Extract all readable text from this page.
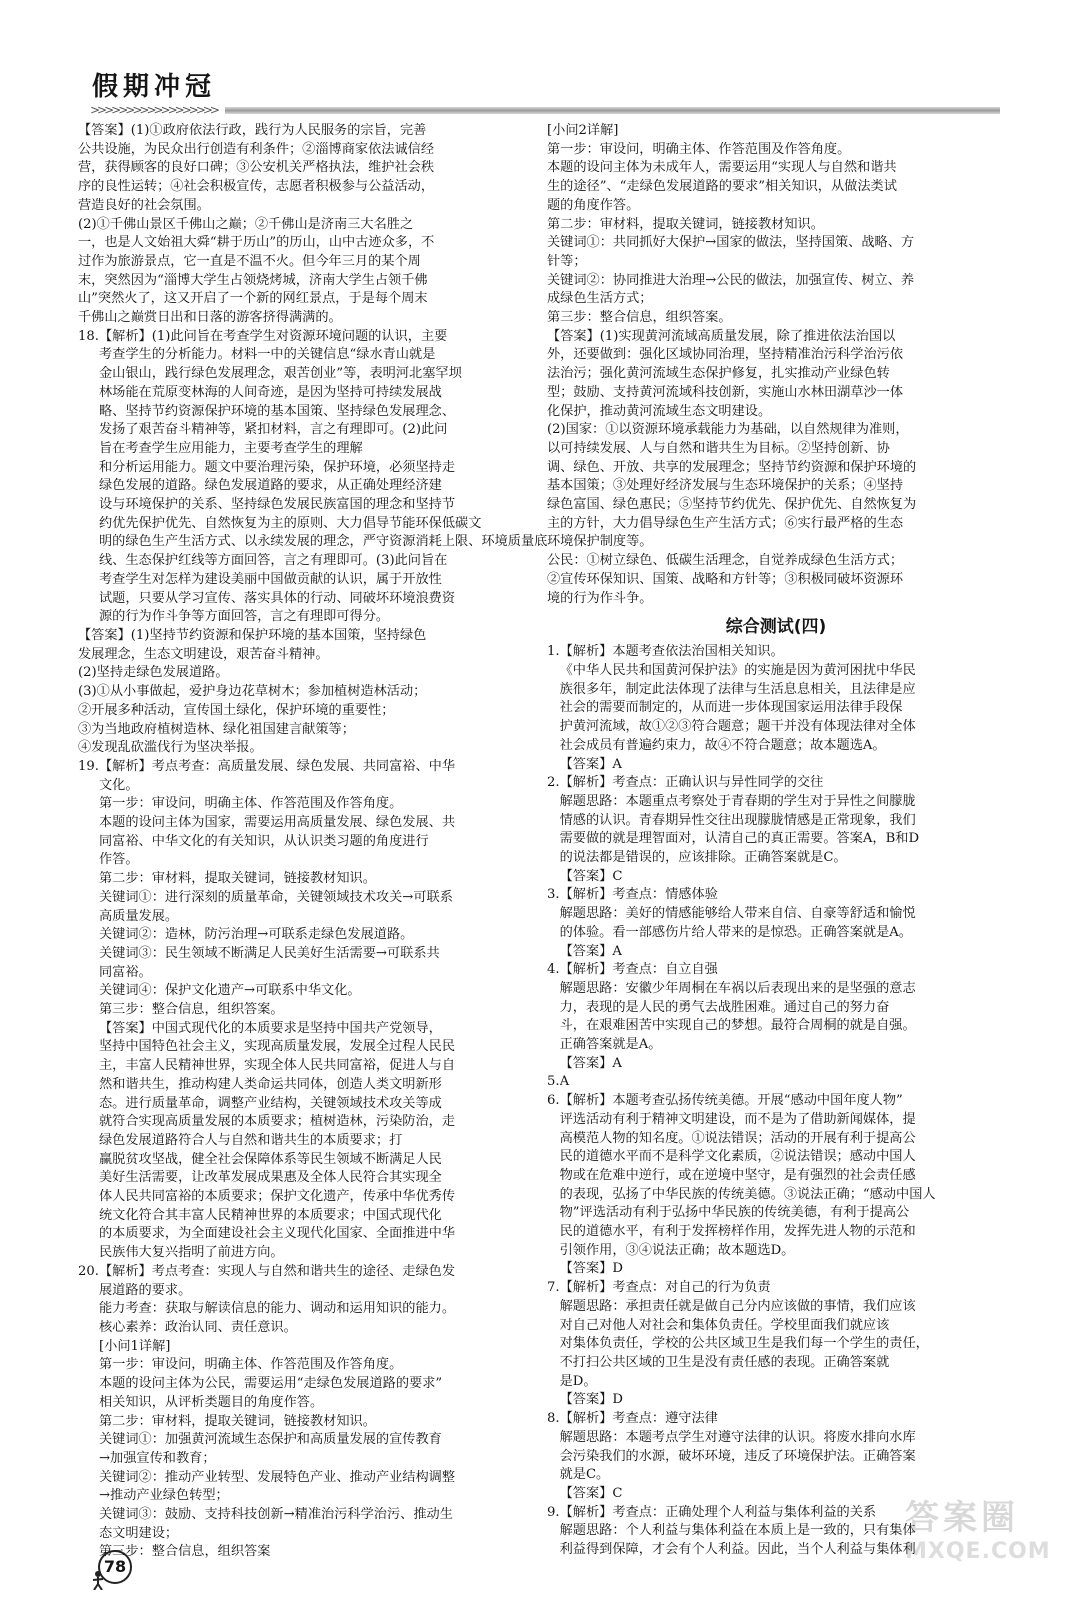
假期冲冠
>>>>>>>>>>>>>>>>>>
【答案】(1)①政府依法行政，践行为人民服务的宗旨，完善
公共设施，为民众出行创造有利条件；②淄博商家依法诚信经
营，获得顾客的良好口碑；③公安机关严格执法，维护社会秩
序的良性运转；④社会积极宣传，志愿者积极参与公益活动，
营造良好的社会氛围。
(2)①千佛山景区千佛山之巅；②千佛山是济南三大名胜之
一，也是人文始祖大舜“耕于历山”的历山，山中古迹众多，不
过作为旅游景点，它一直是不温不火。但今年三月的某个周
末，突然因为“淄博大学生占领烧烤城，济南大学生占领千佛
山”突然火了，这又开启了一个新的网红景点，于是每个周末
千佛山之巅赏日出和日落的游客挤得满满的。
18. 【解析】(1)此问旨在考查学生对资源环境问题的认识，主要
考查学生的分析能力。材料一中的关键信息“绿水青山就是
金山银山，践行绿色发展理念，艰苦创业”等，表明河北塞罕坝
林场能在荒原变林海的人间奇迹，是因为坚持可持续发展战
略、坚持节约资源保护环境的基本国策、坚持绿色发展理念、
发扬了艰苦奋斗精神等，紧扣材料，言之有理即可。(2)此问
旨在考查学生应用能力，主要考查学生的理解
和分析运用能力。题文中要治理污染，保护环境，必须坚持走
绿色发展的道路。绿色发展道路的要求，从正确处理经济建
设与环境保护的关系、坚持绿色发展民族富国的理念和坚持节
约优先保护优先、自然恢复为主的原则、大力倡导节能环保低碳文
明的绿色生产生活方式、以永续发展的理念，严守资源消耗上限、环境质量底
线、生态保护红线等方面回答，言之有理即可。(3)此问旨在
考查学生对怎样为建设美丽中国做贡献的认识，属于开放性
试题，只要从学习宣传、落实具体的行动、同破坏环境浪费资
源的行为作斗争等方面回答，言之有理即可得分。
【答案】(1)坚持节约资源和保护环境的基本国策，坚持绿色
发展理念，生态文明建设，艰苦奋斗精神。
(2)坚持走绿色发展道路。
(3)①从小事做起，爱护身边花草树木；参加植树造林活动；
②开展多种活动，宣传国土绿化，保护环境的重要性；
③为当地政府植树造林、绿化祖国建言献策等；
④发现乱砍滥伐行为坚决举报。
19. 【解析】考点考查：高质量发展、绿色发展、共同富裕、中华
文化。
第一步：审设问，明确主体、作答范围及作答角度。
本题的设问主体为国家，需要运用高质量发展、绿色发展、共
同富裕、中华文化的有关知识，从认识类习题的角度进行
作答。
第二步：审材料，提取关键词，链接教材知识。
关键词①：进行深刻的质量革命，关键领域技术攻关→可联系
高质量发展。
关键词②：造林，防污治理→可联系走绿色发展道路。
关键词③：民生领域不断满足人民美好生活需要→可联系共
同富裕。
关键词④：保护文化遗产→可联系中华文化。
第三步：整合信息，组织答案。
【答案】中国式现代化的本质要求是坚持中国共产党领导，
坚持中国特色社会主义，实现高质量发展，发展全过程人民民
主，丰富人民精神世界，实现全体人民共同富裕，促进人与自
然和谐共生，推动构建人类命运共同体，创造人类文明新形
态。进行质量革命，调整产业结构，关键领域技术攻关等成
就符合实现高质量发展的本质要求；植树造林，污染防治，走
绿色发展道路符合人与自然和谐共生的本质要求；打
赢脱贫攻坚战，健全社会保障体系等民生领域不断满足人民
美好生活需要，让改革发展成果惠及全体人民符合其实现全
体人民共同富裕的本质要求；保护文化遗产，传承中华优秀传
统文化符合其丰富人民精神世界的本质要求；中国式现代化
的本质要求，为全面建设社会主义现代化国家、全面推进中华
民族伟大复兴指明了前进方向。
20. 【解析】考点考查：实现人与自然和谐共生的途径、走绿色发
展道路的要求。
能力考查：获取与解读信息的能力、调动和运用知识的能力。
核心素养：政治认同、责任意识。
[小问1详解]
第一步：审设问，明确主体、作答范围及作答角度。
本题的设问主体为公民，需要运用“走绿色发展道路的要求”
相关知识，从评析类题目的角度作答。
第二步：审材料，提取关键词，链接教材知识。
关键词①：加强黄河流域生态保护和高质量发展的宣传教育
→加强宣传和教育；
关键词②：推动产业转型、发展特色产业、推动产业结构调整
→推动产业绿色转型；
关键词③：鼓励、支持科技创新→精准治污科学治污、推动生
态文明建设；
第三步：整合信息，组织答案
[小问2详解]
第一步：审设问，明确主体、作答范围及作答角度。
本题的设问主体为未成年人，需要运用“实现人与自然和谐共
生的途径”、“走绿色发展道路的要求”相关知识，从做法类试
题的角度作答。
第二步：审材料，提取关键词，链接教材知识。
关键词①：共同抓好大保护→国家的做法，坚持国策、战略、方
针等；
关键词②：协同推进大治理→公民的做法，加强宣传、树立、养
成绿色生活方式；
第三步：整合信息，组织答案。
【答案】(1)实现黄河流域高质量发展，除了推进依法治国以
外，还要做到：强化区域协同治理，坚持精准治污科学治污依
法治污；强化黄河流域生态保护修复，扎实推动产业绿色转
型；鼓励、支持黄河流域科技创新，实施山水林田湖草沙一体
化保护，推动黄河流域生态文明建设。
(2)国家：①以资源环境承载能力为基础，以自然规律为准则，
以可持续发展、人与自然和谐共生为目标。②坚持创新、协
调、绿色、开放、共享的发展理念；坚持节约资源和保护环境的
基本国策；③处理好经济发展与生态环境保护的关系；④坚持
绿色富国、绿色惠民；⑤坚持节约优先、保护优先、自然恢复为
主的方针，大力倡导绿色生产生活方式；⑥实行最严格的生态
环境保护制度等。
公民：①树立绿色、低碳生活理念，自觉养成绿色生活方式；
②宣传环保知识、国策、战略和方针等；③积极同破坏资源环
境的行为作斗争。
综合测试(四)
1. 【解析】本题考查依法治国相关知识。
《中华人民共和国黄河保护法》的实施是因为黄河困扰中华民
族很多年，制定此法体现了法律与生活息息相关，且法律是应
社会的需要而制定的，从而进一步体现国家运用法律手段保
护黄河流域，故①②③符合题意；题干并没有体现法律对全体
社会成员有普遍约束力，故④不符合题意；故本题选A。
【答案】A
2. 【解析】考查点：正确认识与异性同学的交往
解题思路：本题重点考察处于青春期的学生对于异性之间朦胧
情感的认识。青春期异性交往出现朦胧情感是正常现象，我们
需要做的就是理智面对，认清自己的真正需要。答案A，B和D
的说法都是错误的，应该排除。正确答案就是C。
【答案】C
3. 【解析】考查点：情感体验
解题思路：美好的情感能够给人带来自信、自豪等舒适和愉悦
的体验。看一部感伤片给人带来的是惊恐。正确答案就是A。
【答案】A
4. 【解析】考查点：自立自强
解题思路：安徽少年周桐在车祸以后表现出来的是坚强的意志
力，表现的是人民的勇气去战胜困难。通过自己的努力奋
斗，在艰难困苦中实现自己的梦想。最符合周桐的就是自强。
正确答案就是A。
【答案】A
5. A
6. 【解析】本题考查弘扬传统美德。开展“感动中国年度人物”
评选活动有利于精神文明建设，而不是为了借助新闻媒体，提
高模范人物的知名度。①说法错误；活动的开展有利于提高公
民的道德水平而不是科学文化素质，②说法错误；感动中国人
物或在危难中逆行，或在逆境中坚守，是有强烈的社会责任感
的表现，弘扬了中华民族的传统美德。③说法正确；“感动中国人
物”评选活动有利于弘扬中华民族的传统美德，有利于提高公
民的道德水平，有利于发挥榜样作用，发挥先进人物的示范和
引领作用，③④说法正确；故本题选D。
【答案】D
7. 【解析】考查点：对自己的行为负责
解题思路：承担责任就是做自己分内应该做的事情，我们应该
对自己对他人对社会和集体负责任。学校里面我们就应该
对集体负责任，学校的公共区域卫生是我们每一个学生的责任，
不打扫公共区域的卫生是没有责任感的表现。正确答案就
是D。
【答案】D
8. 【解析】考查点：遵守法律
解题思路：本题考点学生对遵守法律的认识。将废水排向水库
会污染我们的水源，破坏环境，违反了环境保护法。正确答案
就是C。
【答案】C
9. 【解析】考查点：正确处理个人利益与集体利益的关系
解题思路：个人利益与集体利益在本质上是一致的，只有集体
利益得到保障，才会有个人利益。因此，当个人利益与集体利
78
答案圈
MXQE.COM
